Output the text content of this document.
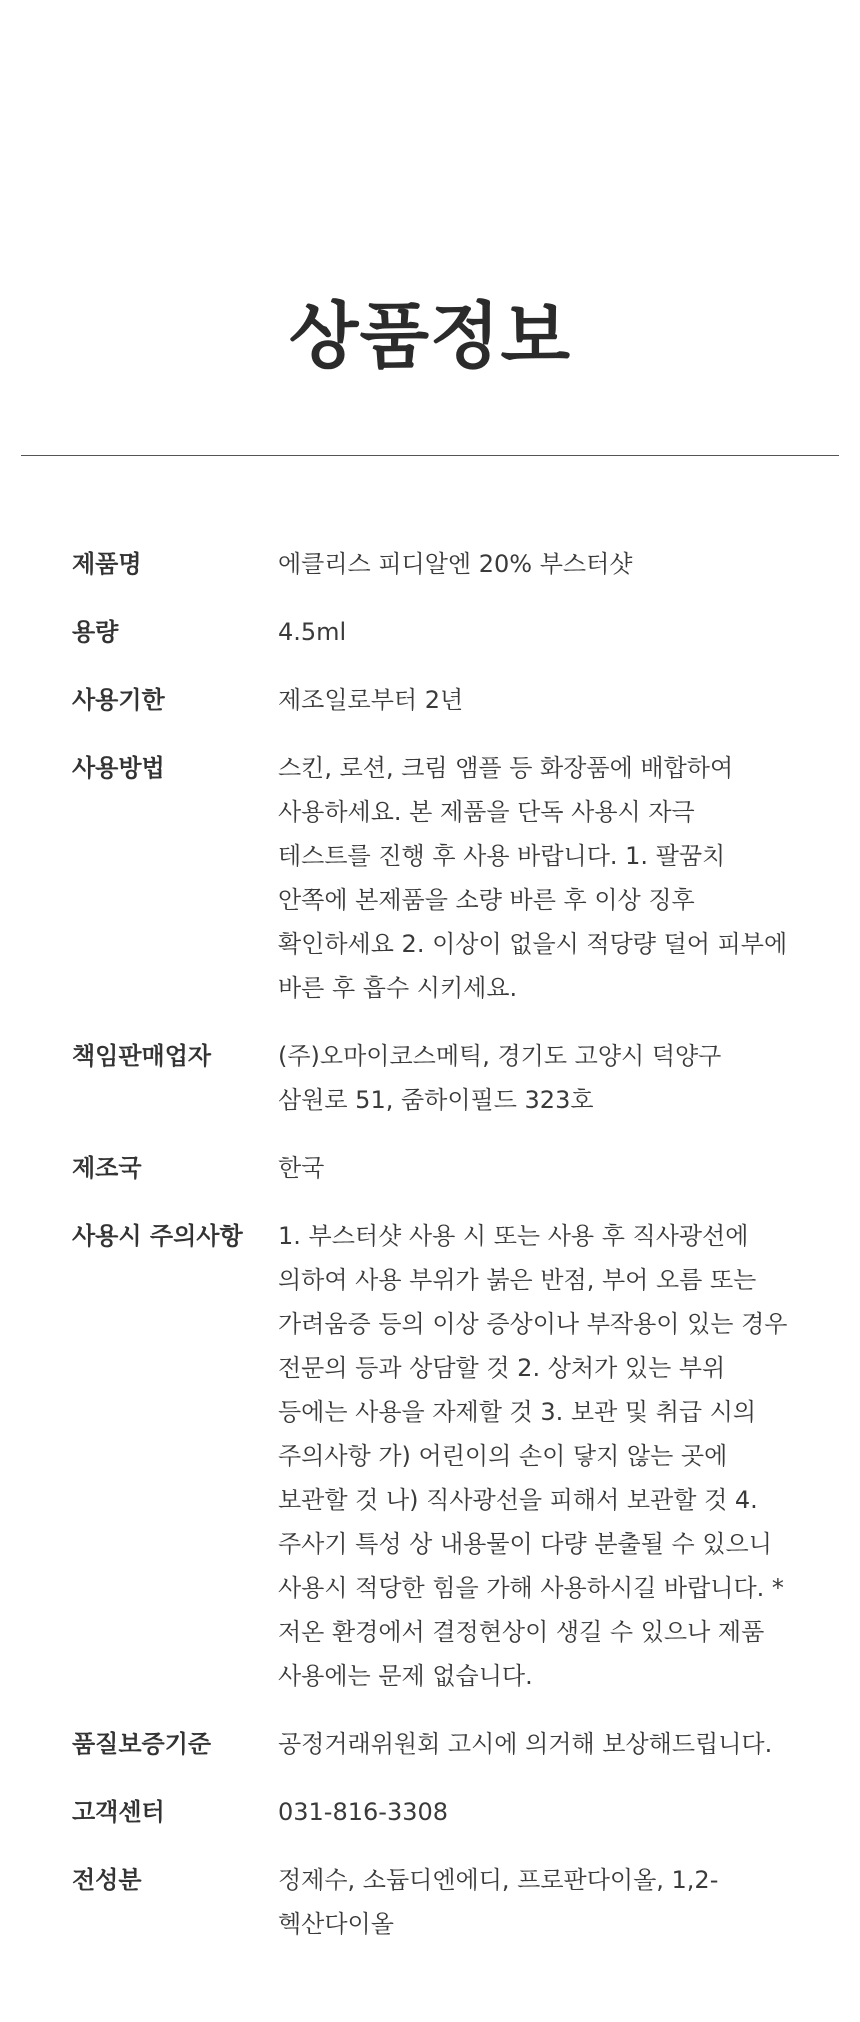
상품정보
제품명	에클리스 피디알엔 20% 부스터샷
용량	4.5ml
사용기한	제조일로부터 2년
사용방법	스킨, 로션, 크림 앰플 등 화장품에 배합하여 사용하세요. 본 제품을 단독 사용시 자극 테스트를 진행 후 사용 바랍니다. 1. 팔꿈치 안쪽에 본제품을 소량 바른 후 이상 징후 확인하세요 2. 이상이 없을시 적당량 덜어 피부에 바른 후 흡수 시키세요.
책임판매업자	(주)오마이코스메틱, 경기도 고양시 덕양구 삼원로 51, 줌하이필드 323호
제조국	한국
사용시 주의사항	1. 부스터샷 사용 시 또는 사용 후 직사광선에 의하여 사용 부위가 붉은 반점, 부어 오름 또는 가려움증 등의 이상 증상이나 부작용이 있는 경우 전문의 등과 상담할 것 2. 상처가 있는 부위 등에는 사용을 자제할 것 3. 보관 및 취급 시의 주의사항 가) 어린이의 손이 닿지 않는 곳에 보관할 것 나) 직사광선을 피해서 보관할 것 4. 주사기 특성 상 내용물이 다량 분출될 수 있으니 사용시 적당한 힘을 가해 사용하시길 바랍니다. *저온 환경에서 결정현상이 생길 수 있으나 제품 사용에는 문제 없습니다.
품질보증기준	공정거래위원회 고시에 의거해 보상해드립니다.
고객센터	031-816-3308
전성분	정제수, 소듐디엔에디, 프로판다이올, 1,2-헥산다이올
